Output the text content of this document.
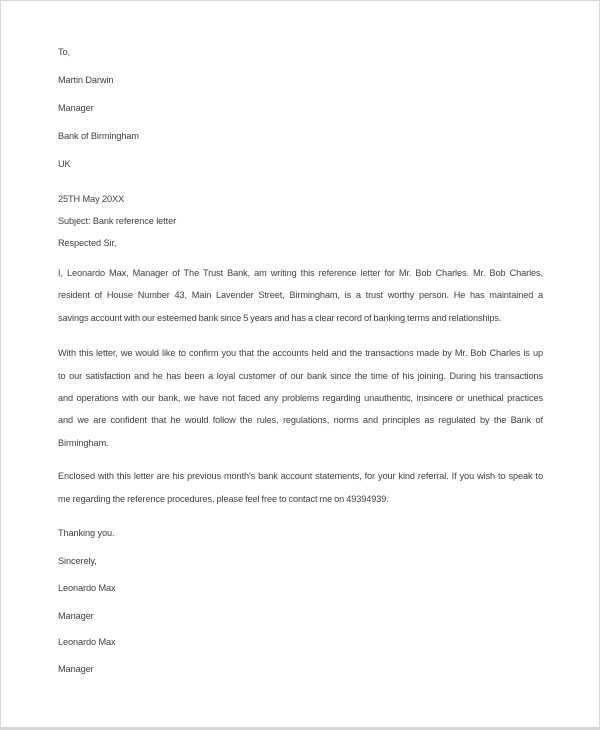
To,
Martin Darwin
Manager
Bank of Birmingham
UK
25TH May 20XX
Subject: Bank reference letter
Respected Sir,
I, Leonardo Max, Manager of The Trust Bank, am writing this reference letter for Mr. Bob Charles. Mr. Bob Charles,
resident of House Number 43, Main Lavender Street, Birmingham, is a trust worthy person. He has maintained a
savings account with our esteemed bank since 5 years and has a clear record of banking terms and relationships.
With this letter, we would like to confirm you that the accounts held and the transactions made by Mr. Bob Charles is up
to our satisfaction and he has been a loyal customer of our bank since the time of his joining. During his transactions
and operations with our bank, we have not faced any problems regarding unauthentic, insincere or unethical practices
and we are confident that he would follow the rules, regulations, norms and principles as regulated by the Bank of
Birmingham.
Enclosed with this letter are his previous month's bank account statements, for your kind referral. If you wish to speak to
me regarding the reference procedures, please feel free to contact me on 49394939.
Thanking you.
Sincerely,
Leonardo Max
Manager
Leonardo Max
Manager
